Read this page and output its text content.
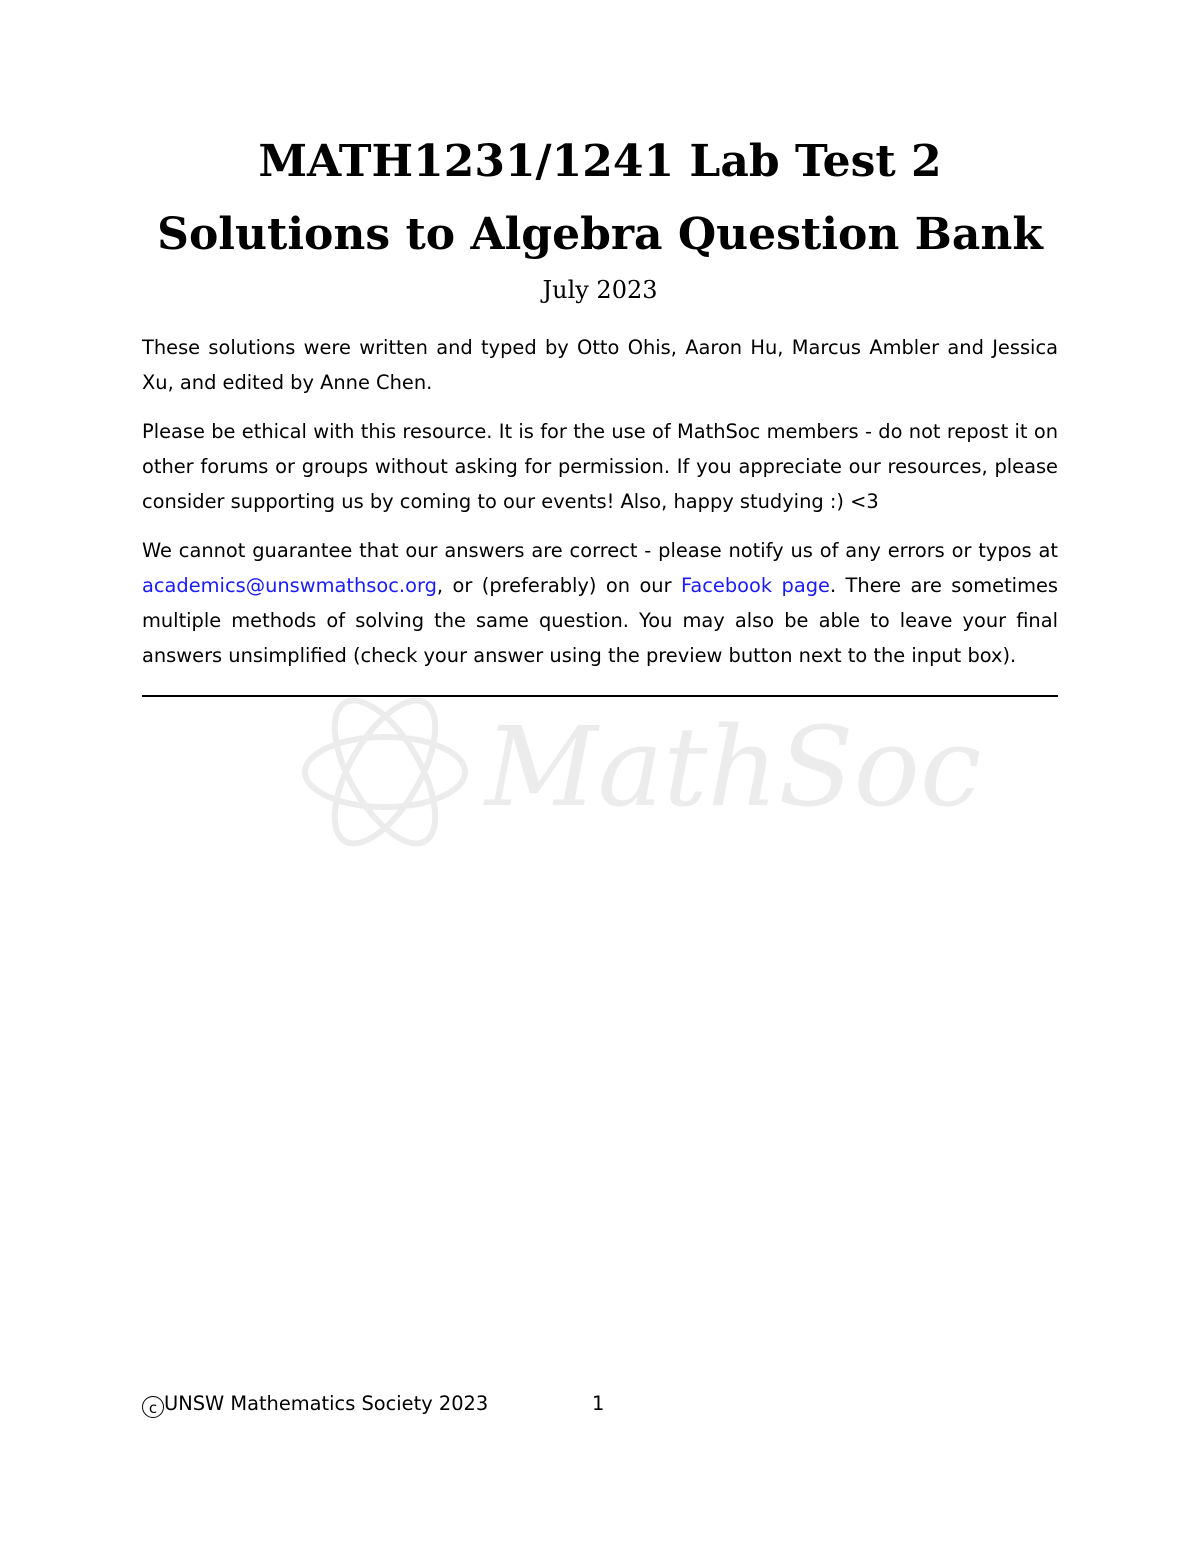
MATH1231/1241 Lab Test 2
Solutions to Algebra Question Bank
July 2023

These solutions were written and typed by Otto Ohis, Aaron Hu, Marcus Ambler and Jessica Xu, and edited by Anne Chen.

Please be ethical with this resource. It is for the use of MathSoc members - do not repost it on other forums or groups without asking for permission. If you appreciate our resources, please consider supporting us by coming to our events! Also, happy studying :) <3

We cannot guarantee that our answers are correct - please notify us of any errors or typos at academics@unswmathsoc.org, or (preferably) on our Facebook page. There are sometimes multiple methods of solving the same question. You may also be able to leave your final answers unsimplified (check your answer using the preview button next to the input box).

MathSoc
c UNSW Mathematics Society 2023	1
